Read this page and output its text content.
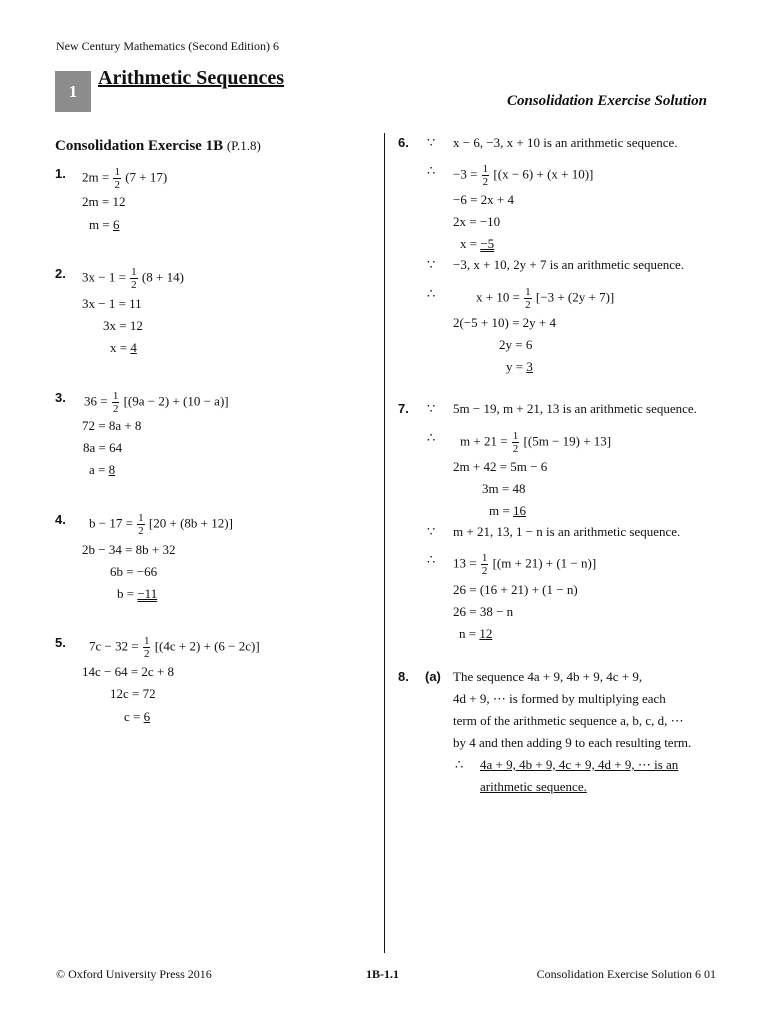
New Century Mathematics (Second Edition) 6
1
Arithmetic Sequences
Consolidation Exercise Solution
Consolidation Exercise 1B (P.1.8)
1. $2m = \frac{1}{2} (7 + 17)$
2m = 12
m = 6
2. $3x - 1 = \frac{1}{2} (8 + 14)$
3x − 1 = 11
3x = 12
x = 4
3. $36 = \frac{1}{2} [(9a - 2) + (10 - a)]$
72 = 8a + 8
8a = 64
a = 8
4. $b - 17 = \frac{1}{2} [20 + (8b + 12)]$
2b − 34 = 8b + 32
6b = −66
b = −11
5. $7c - 32 = \frac{1}{2} [(4c + 2) + (6 - 2c)]$
14c − 64 = 2c + 8
12c = 72
c = 6
6. ∵ x − 6, −3, x + 10 is an arithmetic sequence.
∴ $-3 = \frac{1}{2} [(x - 6) + (x + 10)]$
−6 = 2x + 4
2x = −10
x = −5
∵ −3, x + 10, 2y + 7 is an arithmetic sequence.
∴	$x + 10 = \frac{1}{2} [-3 + (2y + 7)]$
2(−5 + 10) = 2y + 4
2y = 6
y = 3
7. ∵ 5m − 19, m + 21, 13 is an arithmetic sequence.
∴ $m + 21 = \frac{1}{2} [(5m - 19) + 13]$
2m + 42 = 5m − 6
3m = 48
m = 16
∵ m + 21, 13, 1 − n is an arithmetic sequence.
∴ $13 = \frac{1}{2} [(m + 21) + (1 - n)]$
26 = (16 + 21) + (1 − n)
26 = 38 − n
n = 12
8. (a) The sequence 4a + 9, 4b + 9, 4c + 9,
4d + 9, ⋯ is formed by multiplying each
term of the arithmetic sequence a, b, c, d, ⋯
by 4 and then adding 9 to each resulting term.
∴ 4a + 9, 4b + 9, 4c + 9, 4d + 9, ⋯ is an
arithmetic sequence.
© Oxford University Press 2016	1B-1.1	Consolidation Exercise Solution 6 01
